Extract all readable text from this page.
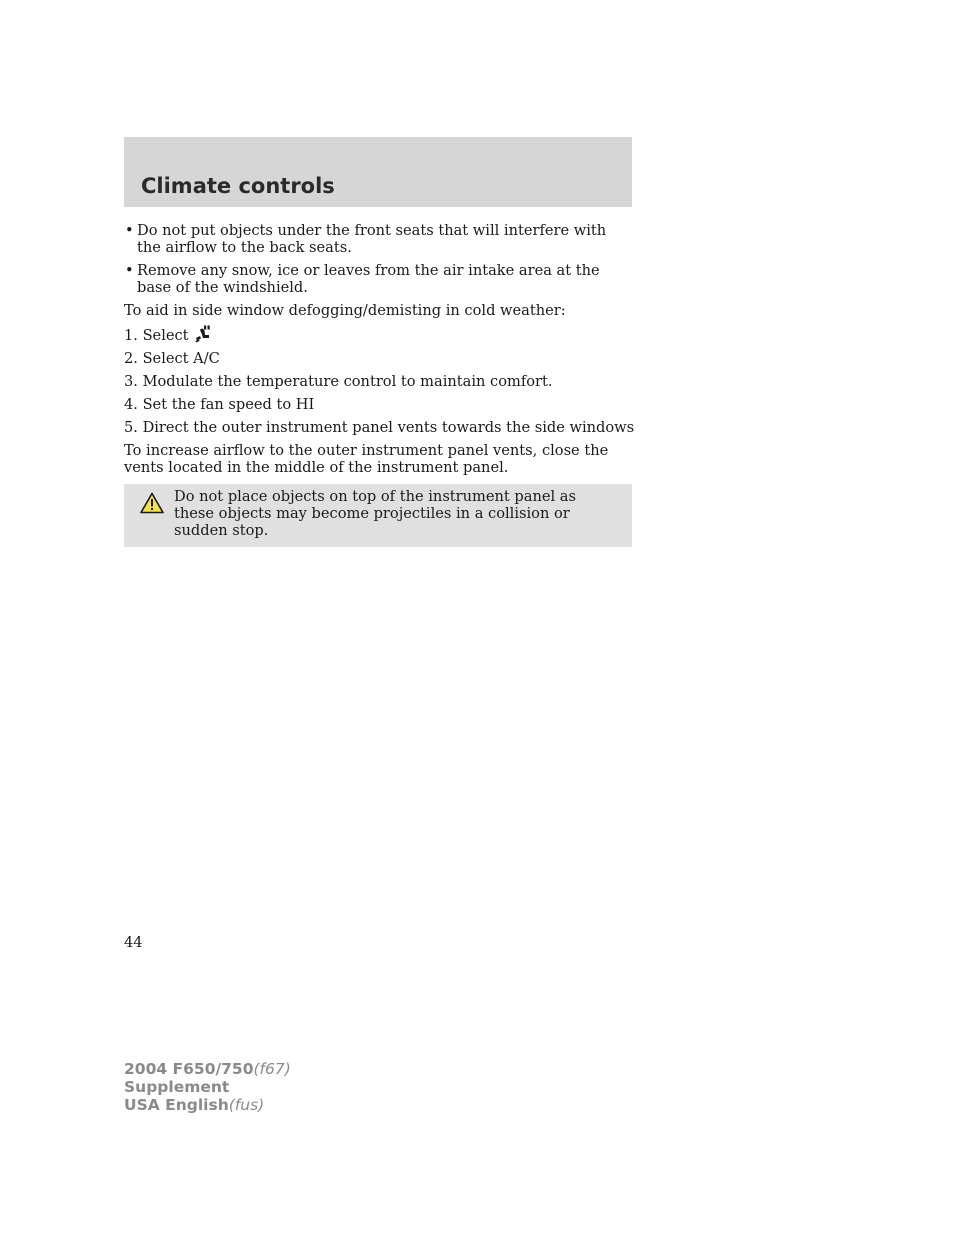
Climate controls

• Do not put objects under the front seats that will interfere with the airflow to the back seats.

• Remove any snow, ice or leaves from the air intake area at the base of the windshield.

To aid in side window defogging/demisting in cold weather:

1. Select

2. Select A/C

3. Modulate the temperature control to maintain comfort.

4. Set the fan speed to HI

5. Direct the outer instrument panel vents towards the side windows

To increase airflow to the outer instrument panel vents, close the vents located in the middle of the instrument panel.

Do not place objects on top of the instrument panel as these objects may become projectiles in a collision or sudden stop.
44
2004 F650/750(f67)
Supplement
USA English(fus)
